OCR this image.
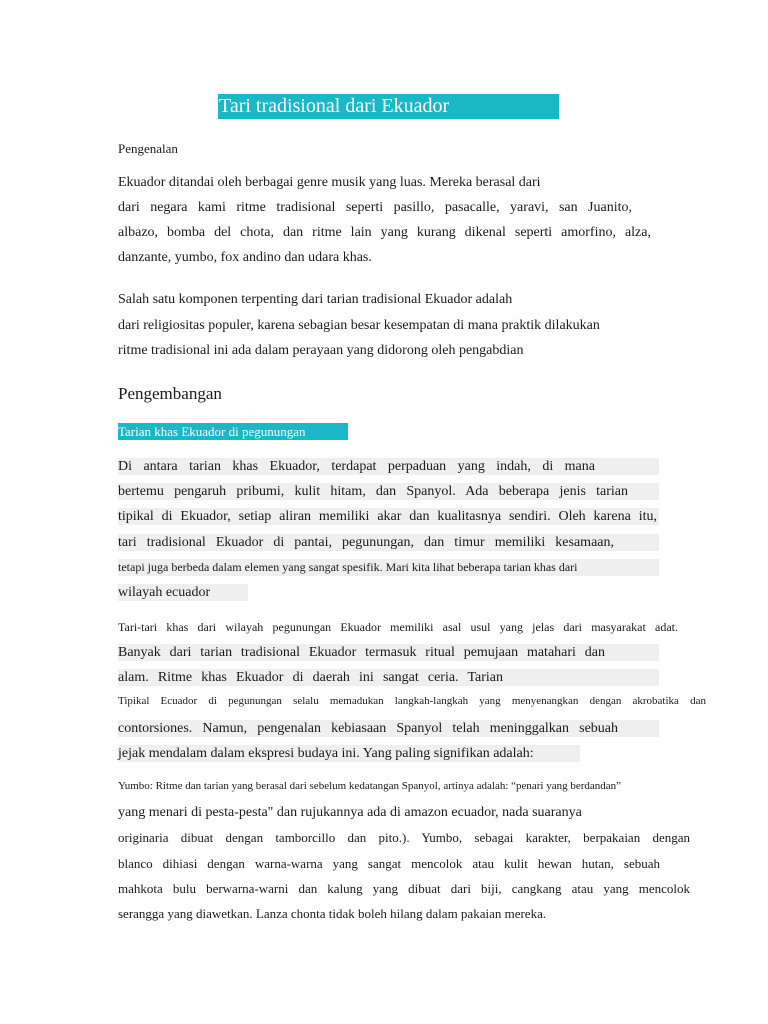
Tari tradisional dari Ekuador
Pengenalan
Ekuador ditandai oleh berbagai genre musik yang luas. Mereka berasal dari
dari negara kami ritme tradisional seperti pasillo, pasacalle, yaravi, san Juanito,
albazo, bomba del chota, dan ritme lain yang kurang dikenal seperti amorfino, alza,
danzante, yumbo, fox andino dan udara khas.
Salah satu komponen terpenting dari tarian tradisional Ekuador adalah
dari religiositas populer, karena sebagian besar kesempatan di mana praktik dilakukan
ritme tradisional ini ada dalam perayaan yang didorong oleh pengabdian
Pengembangan
Tarian khas Ekuador di pegunungan
Di antara tarian khas Ekuador, terdapat perpaduan yang indah, di mana
bertemu pengaruh pribumi, kulit hitam, dan Spanyol. Ada beberapa jenis tarian
tipikal di Ekuador, setiap aliran memiliki akar dan kualitasnya sendiri. Oleh karena itu,
tari tradisional Ekuador di pantai, pegunungan, dan timur memiliki kesamaan,
tetapi juga berbeda dalam elemen yang sangat spesifik. Mari kita lihat beberapa tarian khas dari
wilayah ecuador
Tari-tari khas dari wilayah pegunungan Ekuador memiliki asal usul yang jelas dari masyarakat adat.
Banyak dari tarian tradisional Ekuador termasuk ritual pemujaan matahari dan
alam. Ritme khas Ekuador di daerah ini sangat ceria. Tarian
Tipikal Ecuador di pegunungan selalu memadukan langkah-langkah yang menyenangkan dengan akrobatika dan
contorsiones. Namun, pengenalan kebiasaan Spanyol telah meninggalkan sebuah
jejak mendalam dalam ekspresi budaya ini. Yang paling signifikan adalah:
Yumbo: Ritme dan tarian yang berasal dari sebelum kedatangan Spanyol, artinya adalah: “penari yang berdandan”
yang menari di pesta-pesta" dan rujukannya ada di amazon ecuador, nada suaranya
originaria dibuat dengan tamborcillo dan pito.). Yumbo, sebagai karakter, berpakaian dengan
blanco dihiasi dengan warna-warna yang sangat mencolok atau kulit hewan hutan, sebuah
mahkota bulu berwarna-warni dan kalung yang dibuat dari biji, cangkang atau yang mencolok
serangga yang diawetkan. Lanza chonta tidak boleh hilang dalam pakaian mereka.
